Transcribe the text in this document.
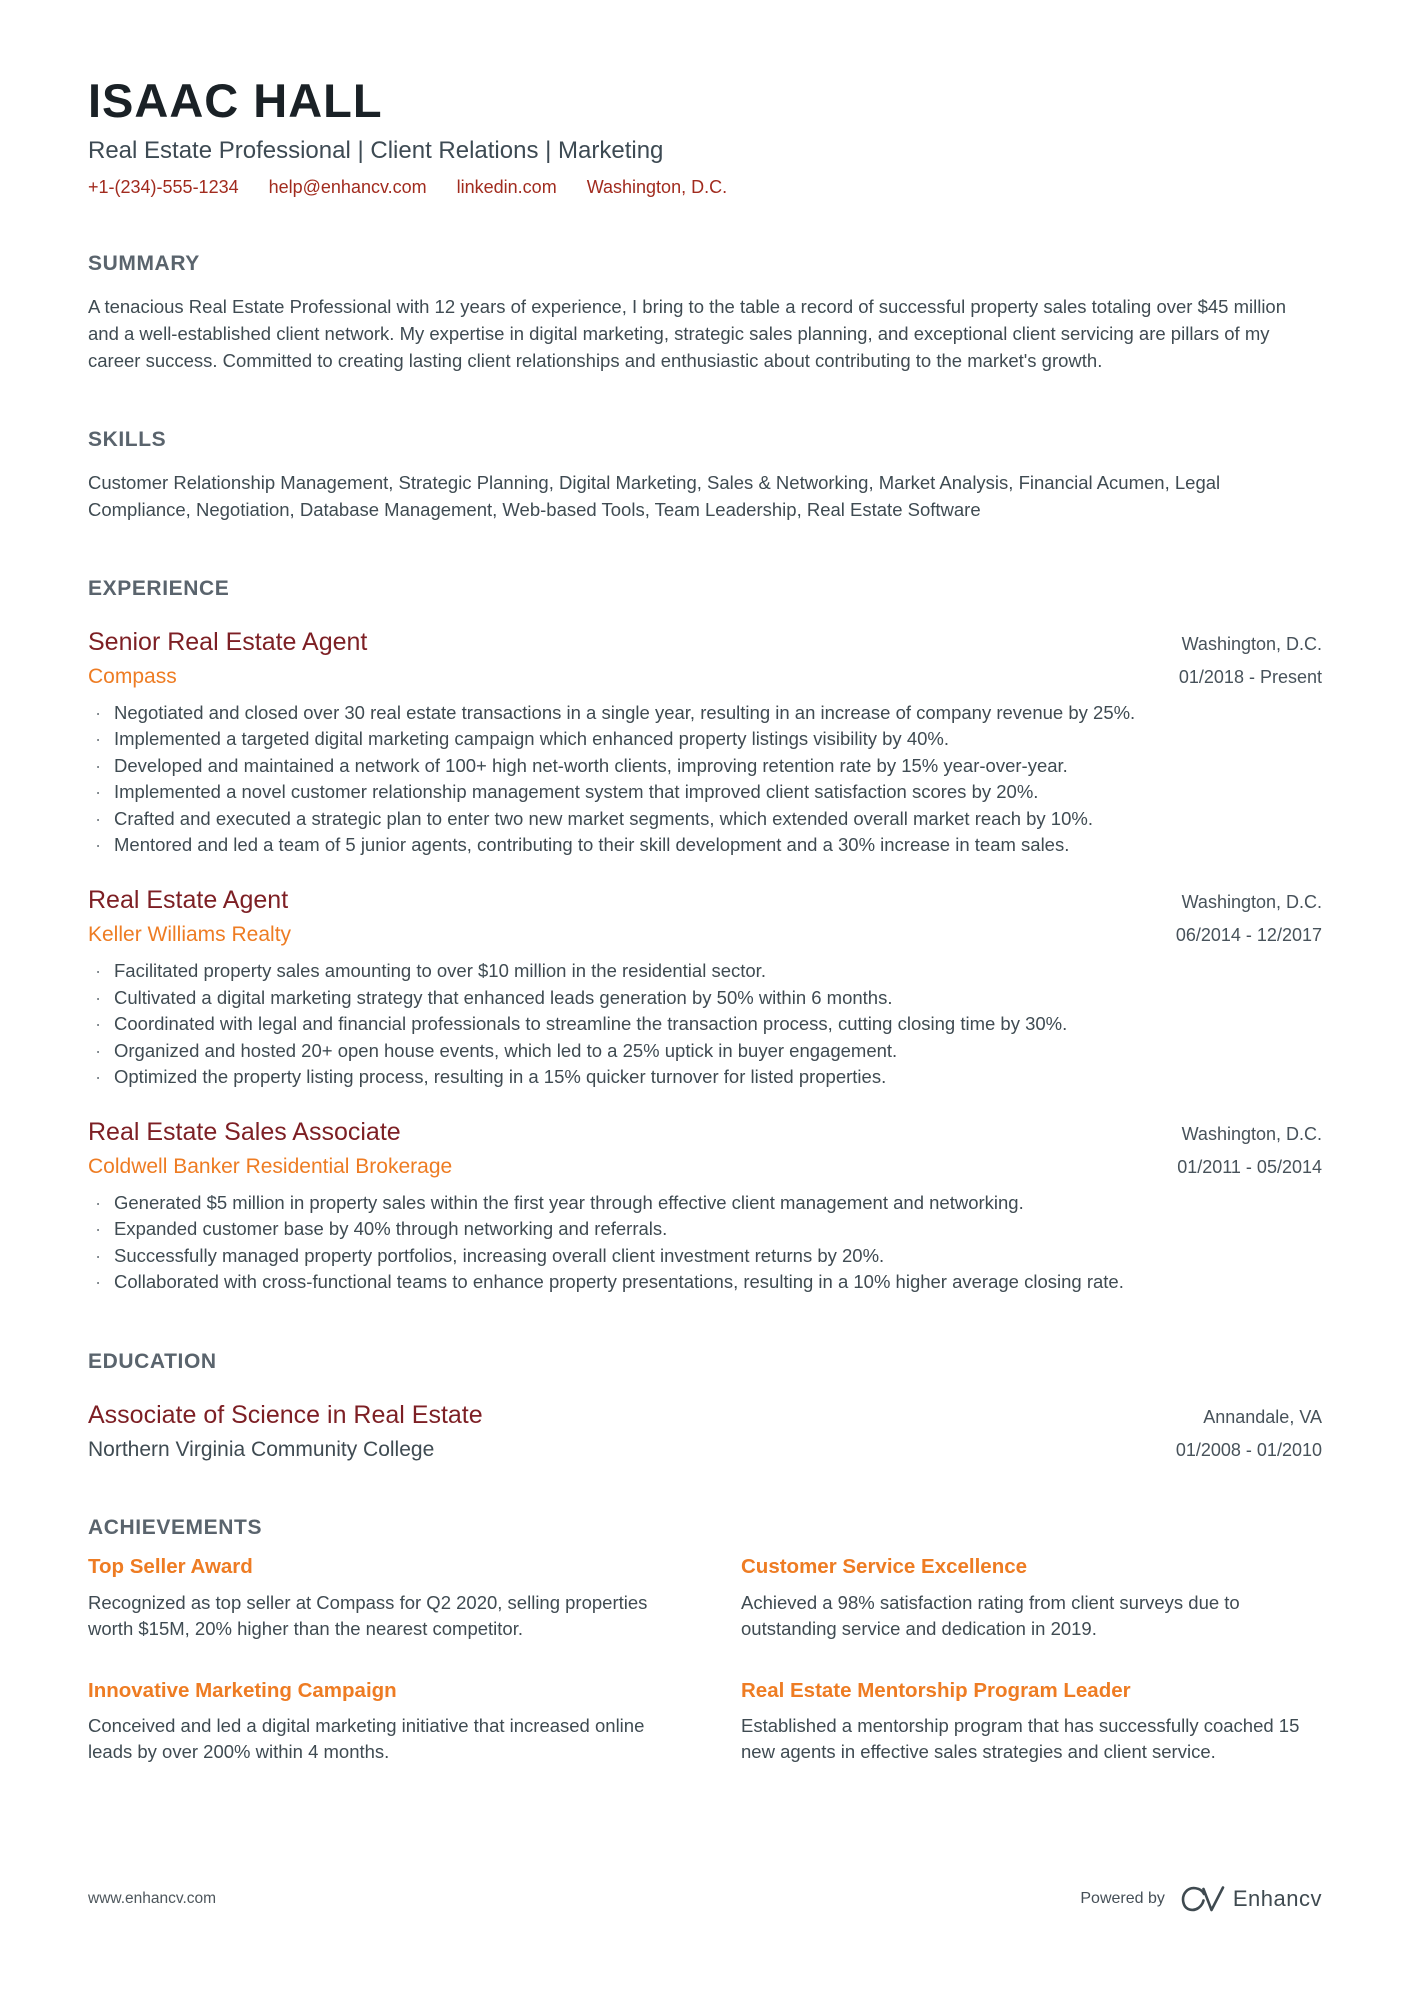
ISAAC HALL
Real Estate Professional | Client Relations | Marketing
+1-(234)-555-1234 help@enhancv.com linkedin.com Washington, D.C.
SUMMARY

A tenacious Real Estate Professional with 12 years of experience, I bring to the table a record of successful property sales totaling over $45 million and a well-established client network. My expertise in digital marketing, strategic sales planning, and exceptional client servicing are pillars of my career success. Committed to creating lasting client relationships and enthusiastic about contributing to the market's growth.

SKILLS

Customer Relationship Management, Strategic Planning, Digital Marketing, Sales & Networking, Market Analysis, Financial Acumen, Legal Compliance, Negotiation, Database Management, Web-based Tools, Team Leadership, Real Estate Software

EXPERIENCE
Senior Real Estate Agent	Washington, D.C.
Compass	01/2018 - Present
· Negotiated and closed over 30 real estate transactions in a single year, resulting in an increase of company revenue by 25%.
· Implemented a targeted digital marketing campaign which enhanced property listings visibility by 40%.
· Developed and maintained a network of 100+ high net-worth clients, improving retention rate by 15% year-over-year.
· Implemented a novel customer relationship management system that improved client satisfaction scores by 20%.
· Crafted and executed a strategic plan to enter two new market segments, which extended overall market reach by 10%.
· Mentored and led a team of 5 junior agents, contributing to their skill development and a 30% increase in team sales.
Real Estate Agent	Washington, D.C.
Keller Williams Realty	06/2014 - 12/2017
· Facilitated property sales amounting to over $10 million in the residential sector.
· Cultivated a digital marketing strategy that enhanced leads generation by 50% within 6 months.
· Coordinated with legal and financial professionals to streamline the transaction process, cutting closing time by 30%.
· Organized and hosted 20+ open house events, which led to a 25% uptick in buyer engagement.
· Optimized the property listing process, resulting in a 15% quicker turnover for listed properties.
Real Estate Sales Associate	Washington, D.C.
Coldwell Banker Residential Brokerage	01/2011 - 05/2014
· Generated $5 million in property sales within the first year through effective client management and networking.
· Expanded customer base by 40% through networking and referrals.
· Successfully managed property portfolios, increasing overall client investment returns by 20%.
· Collaborated with cross-functional teams to enhance property presentations, resulting in a 10% higher average closing rate.
EDUCATION
Associate of Science in Real Estate	Annandale, VA
Northern Virginia Community College	01/2008 - 01/2010
ACHIEVEMENTS
Top Seller Award
Recognized as top seller at Compass for Q2 2020, selling properties worth $15M, 20% higher than the nearest competitor.
Customer Service Excellence
Achieved a 98% satisfaction rating from client surveys due to outstanding service and dedication in 2019.
Innovative Marketing Campaign
Conceived and led a digital marketing initiative that increased online leads by over 200% within 4 months.
Real Estate Mentorship Program Leader
Established a mentorship program that has successfully coached 15 new agents in effective sales strategies and client service.
www.enhancv.com	Powered by	Enhancv
